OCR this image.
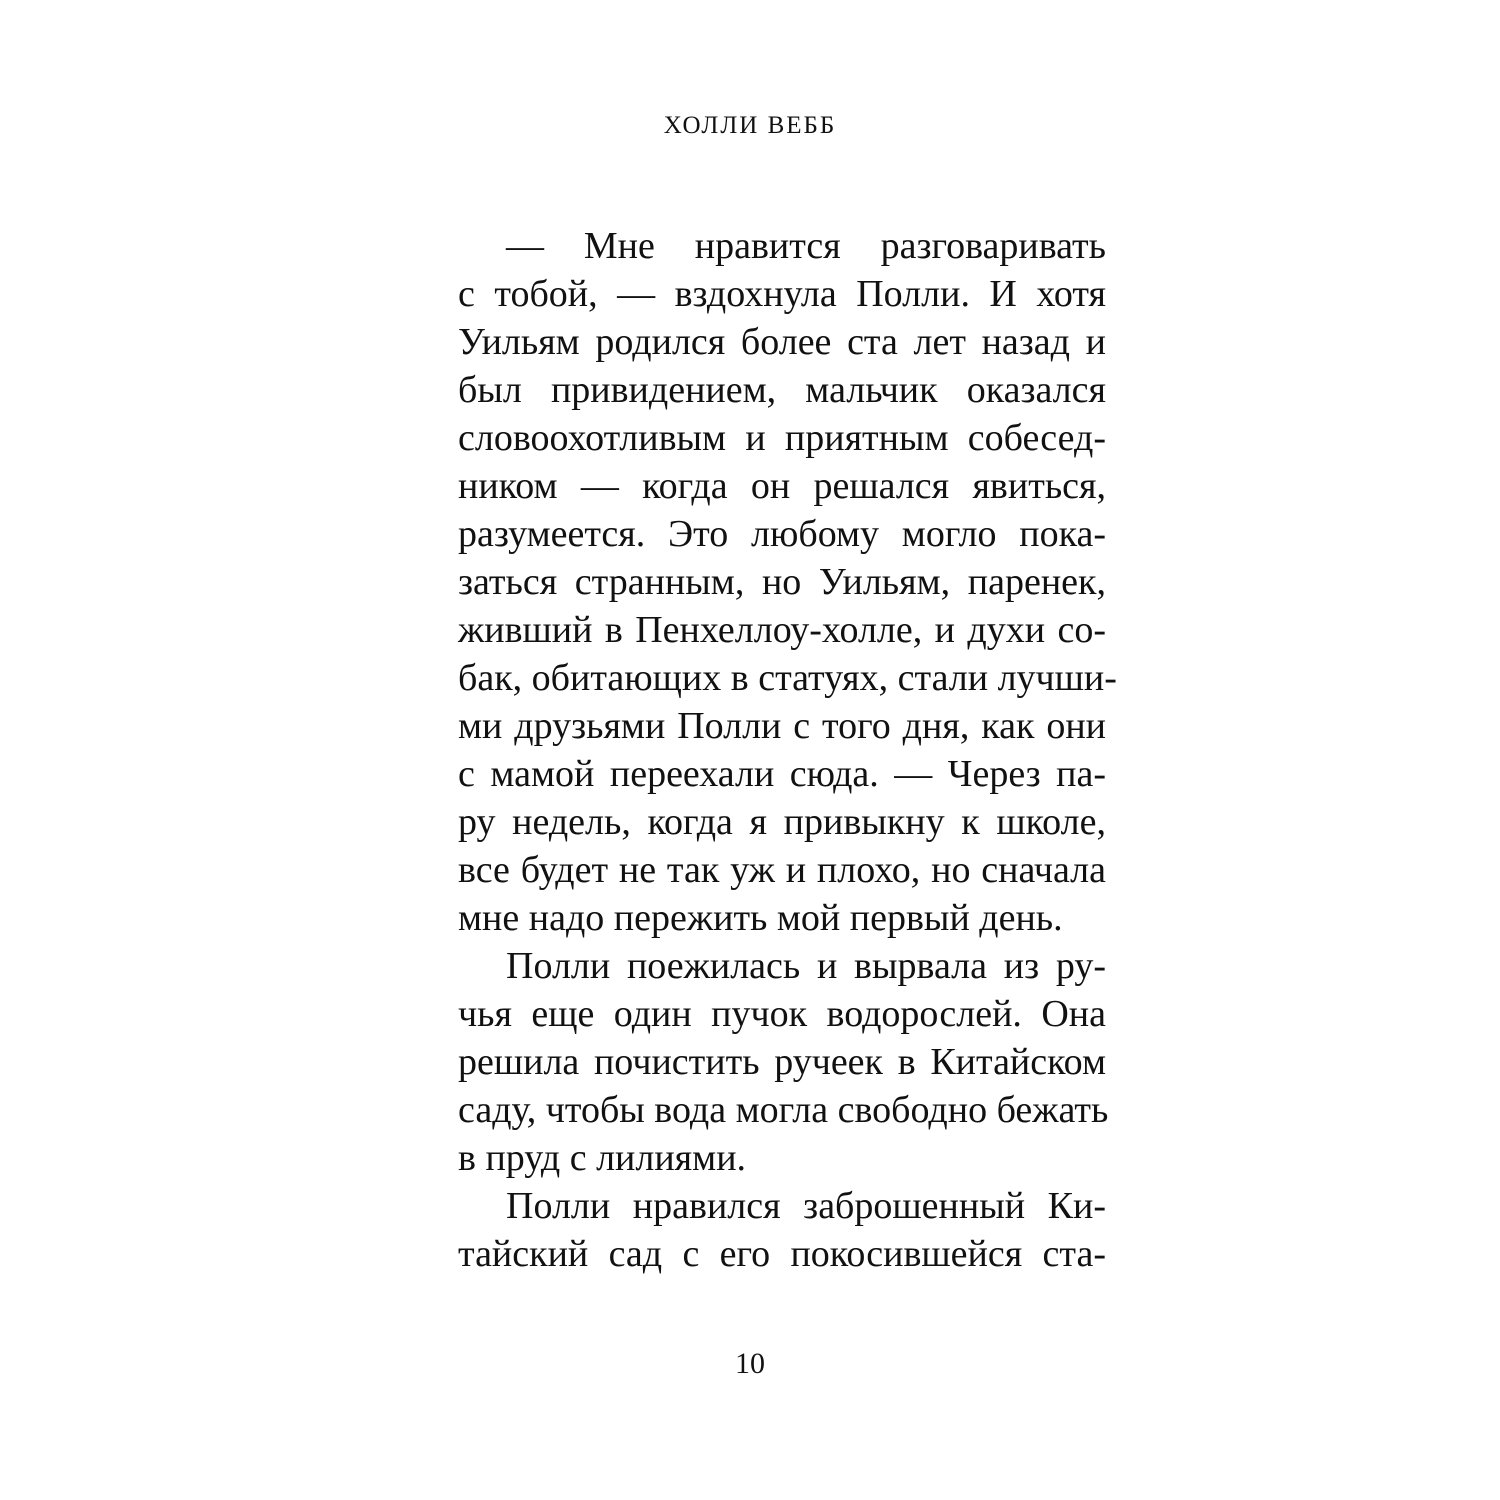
ХОЛЛИ ВЕББ
— Мне нравится разговаривать
с тобой, — вздохнула Полли. И хотя
Уильям родился более ста лет назад и
был привидением, мальчик оказался
словоохотливым и приятным собесед-
ником — когда он решался явиться,
разумеется. Это любому могло пока-
заться странным, но Уильям, паренек,
живший в Пенхеллоу-холле, и духи со-
бак, обитающих в статуях, стали лучши-
ми друзьями Полли с того дня, как они
с мамой переехали сюда. — Через па-
ру недель, когда я привыкну к школе,
все будет не так уж и плохо, но сначала
мне надо пережить мой первый день.
Полли поежилась и вырвала из ру-
чья еще один пучок водорослей. Она
решила почистить ручеек в Китайском
саду, чтобы вода могла свободно бежать
в пруд с лилиями.
Полли нравился заброшенный Ки-
тайский сад с его покосившейся ста-
10
